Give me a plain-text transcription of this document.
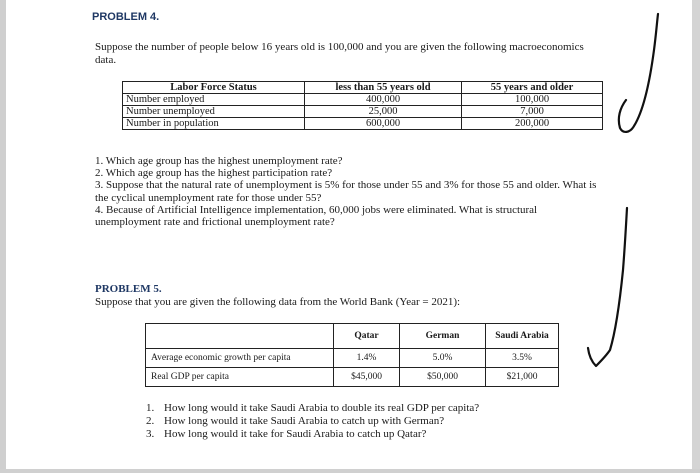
PROBLEM 4.
Suppose the number of people below 16 years old is 100,000 and you are given the following macroeconomics data.
Labor Force Status	less than 55 years old	55 years and older
Number employed	400,000	100,000
Number unemployed	25,000	7,000
Number in population	600,000	200,000
1. Which age group has the highest unemployment rate?
2. Which age group has the highest participation rate?
3. Suppose that the natural rate of unemployment is 5% for those under 55 and 3% for those 55 and older. What is the cyclical unemployment rate for those under 55?
4. Because of Artificial Intelligence implementation, 60,000 jobs were eliminated. What is structural unemployment rate and frictional unemployment rate?
PROBLEM 5.
Suppose that you are given the following data from the World Bank (Year = 2021):
	Qatar	German	Saudi Arabia
Average economic growth per capita	1.4%	5.0%	3.5%
Real GDP per capita	$45,000	$50,000	$21,000
1. How long would it take Saudi Arabia to double its real GDP per capita?
2. How long would it take Saudi Arabia to catch up with German?
3. How long would it take for Saudi Arabia to catch up Qatar?
